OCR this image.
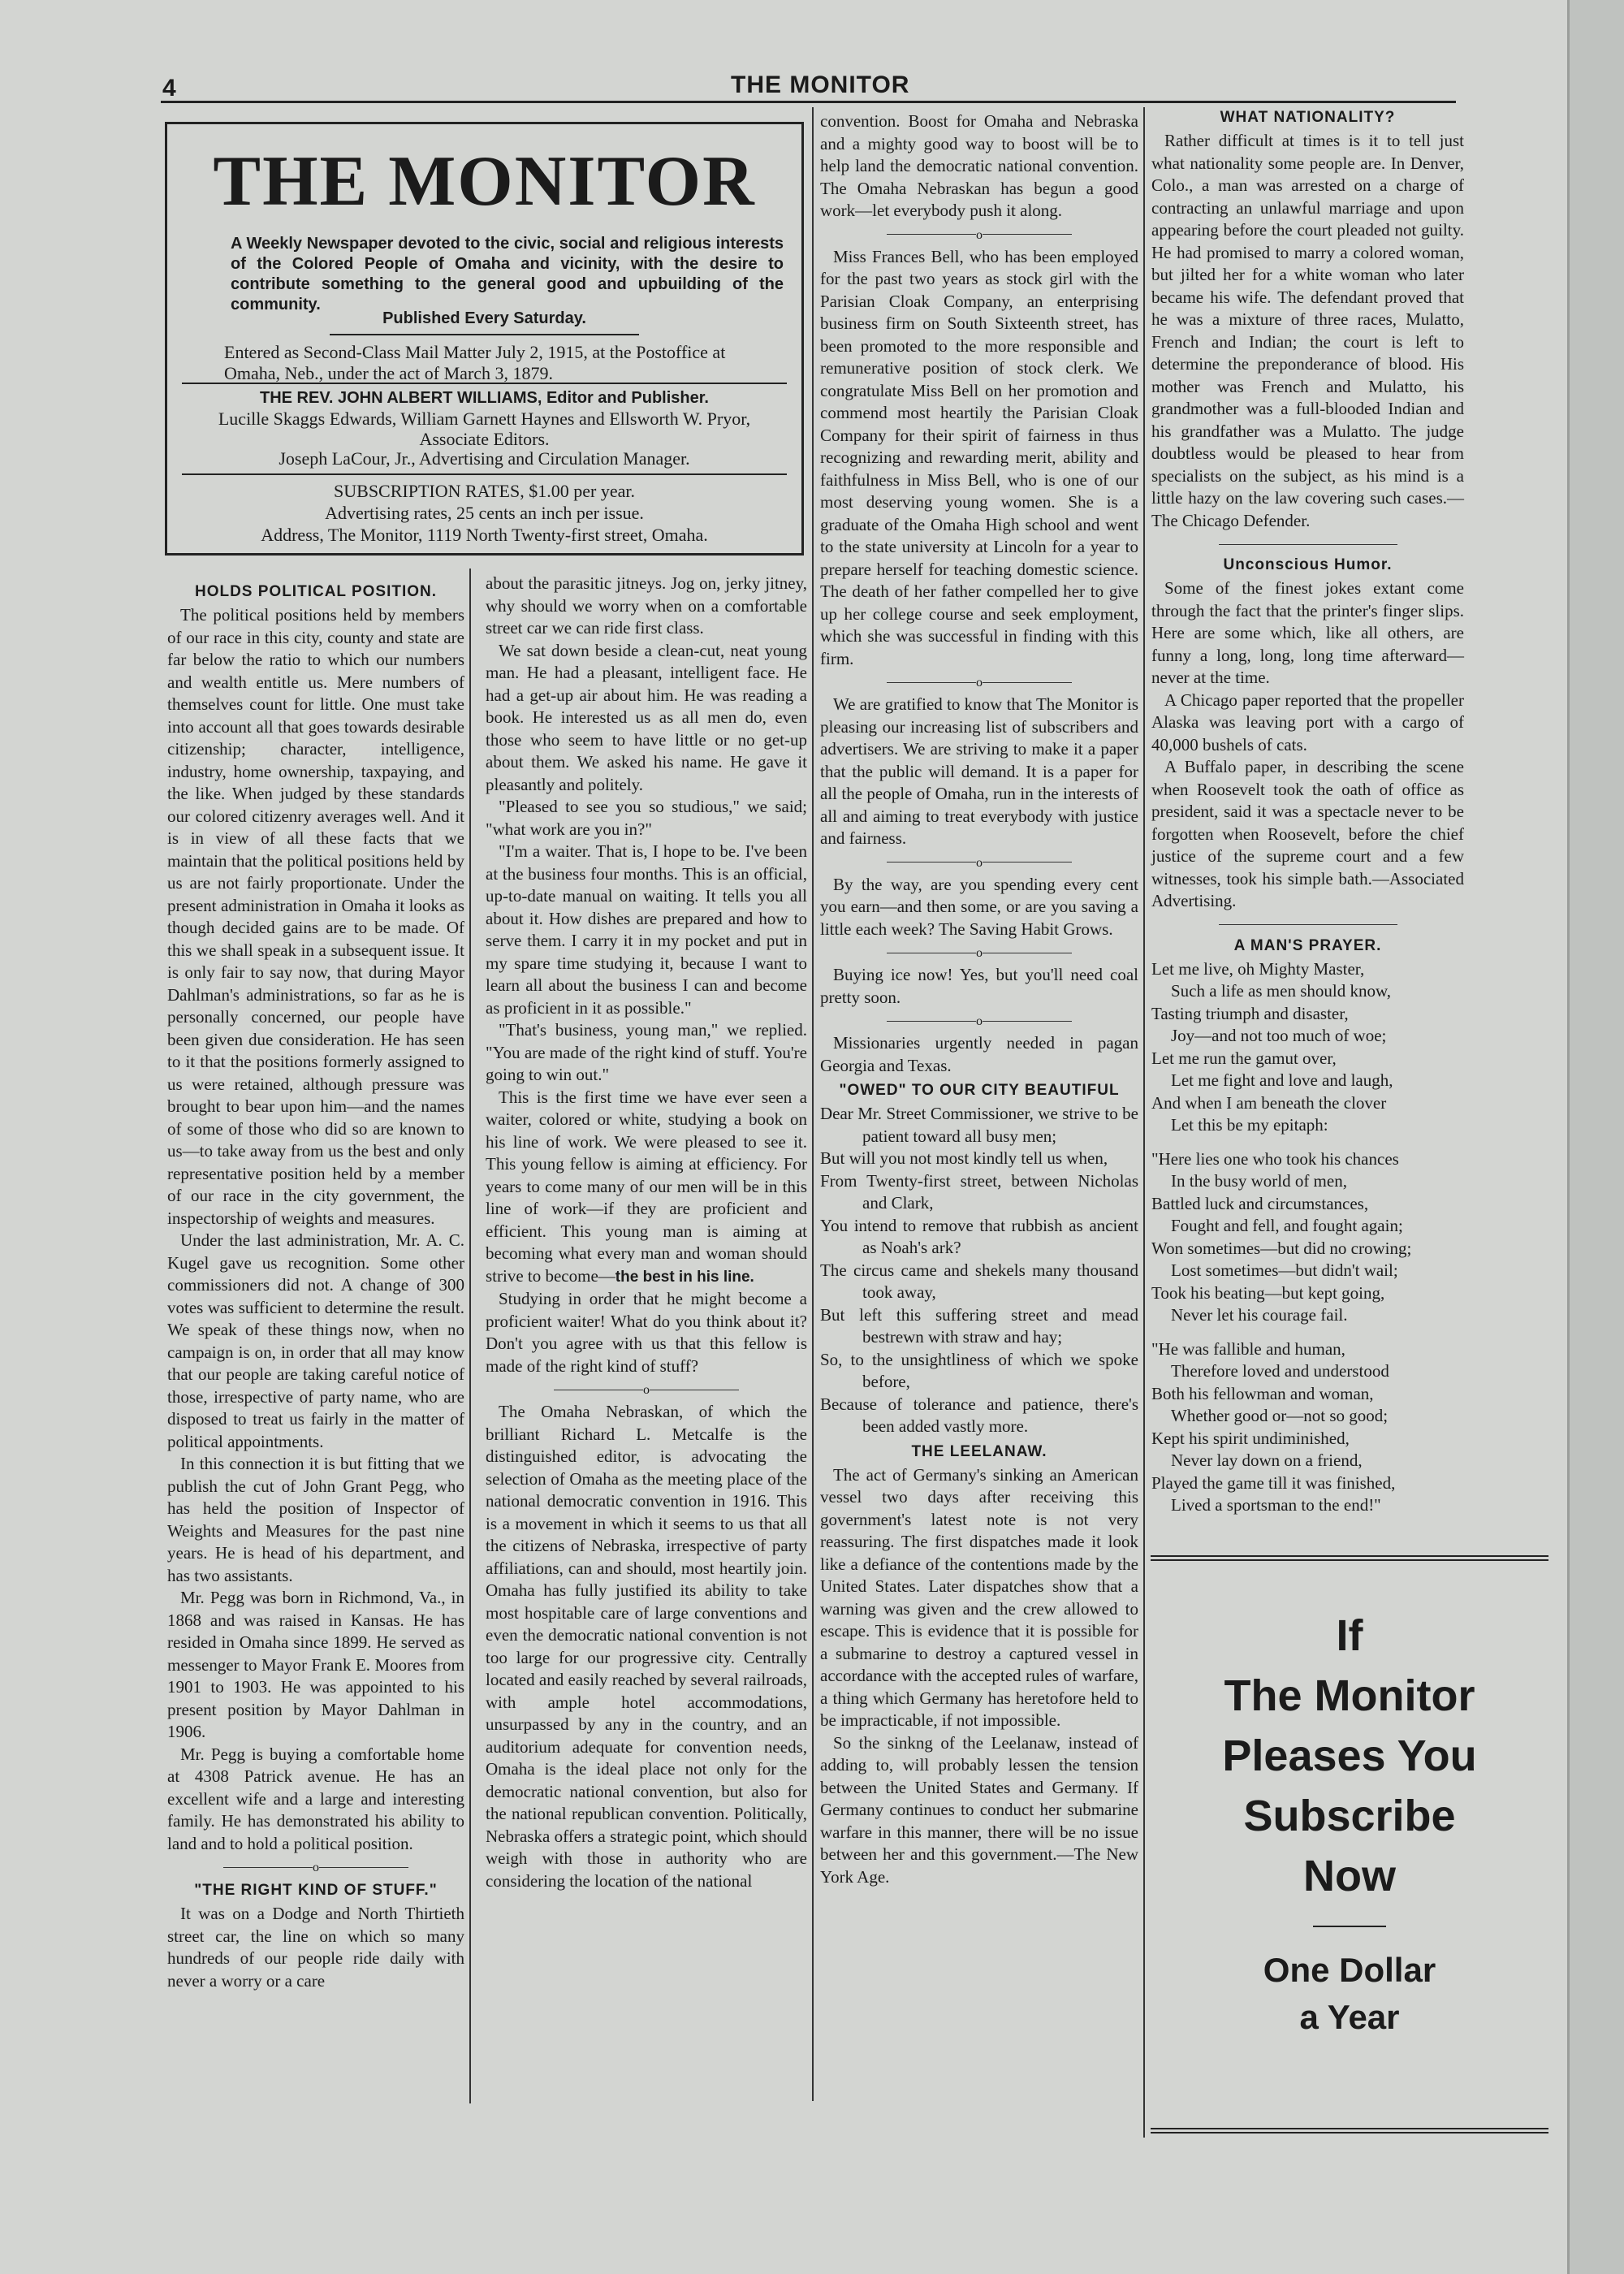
4	THE MONITOR
THE MONITOR
A Weekly Newspaper devoted to the civic, social and religious interests of the Colored People of Omaha and vicinity, with the desire to contribute something to the general good and upbuilding of the community.
Published Every Saturday.
Entered as Second-Class Mail Matter July 2, 1915, at the Postoffice at Omaha, Neb., under the act of March 3, 1879.
THE REV. JOHN ALBERT WILLIAMS, Editor and Publisher.
Lucille Skaggs Edwards, William Garnett Haynes and Ellsworth W. Pryor, Associate Editors.
Joseph LaCour, Jr., Advertising and Circulation Manager.
SUBSCRIPTION RATES, $1.00 per year.
Advertising rates, 25 cents an inch per issue.
Address, The Monitor, 1119 North Twenty-first street, Omaha.
HOLDS POLITICAL POSITION.

The political positions held by members of our race in this city, county and state are far below the ratio to which our numbers and wealth entitle us. Mere numbers of themselves count for little. One must take into account all that goes towards desirable citizenship; character, intelligence, industry, home ownership, taxpaying, and the like. When judged by these standards our colored citizenry averages well. And it is in view of all these facts that we maintain that the political positions held by us are not fairly proportionate. Under the present administration in Omaha it looks as though decided gains are to be made. Of this we shall speak in a subsequent issue. It is only fair to say now, that during Mayor Dahlman's administrations, so far as he is personally concerned, our people have been given due consideration. He has seen to it that the positions formerly assigned to us were retained, although pressure was brought to bear upon him—and the names of some of those who did so are known to us—to take away from us the best and only representative position held by a member of our race in the city government, the inspectorship of weights and measures.

Under the last administration, Mr. A. C. Kugel gave us recognition. Some other commissioners did not. A change of 300 votes was sufficient to determine the result. We speak of these things now, when no campaign is on, in order that all may know that our people are taking careful notice of those, irrespective of party name, who are disposed to treat us fairly in the matter of political appointments.

In this connection it is but fitting that we publish the cut of John Grant Pegg, who has held the position of Inspector of Weights and Measures for the past nine years. He is head of his department, and has two assistants.

Mr. Pegg was born in Richmond, Va., in 1868 and was raised in Kansas. He has resided in Omaha since 1899. He served as messenger to Mayor Frank E. Moores from 1901 to 1903. He was appointed to his present position by Mayor Dahlman in 1906.

Mr. Pegg is buying a comfortable home at 4308 Patrick avenue. He has an excellent wife and a large and interesting family. He has demonstrated his ability to land and to hold a political position.

o
"THE RIGHT KIND OF STUFF."

It was on a Dodge and North Thirtieth street car, the line on which so many hundreds of our people ride daily with never a worry or a care

about the parasitic jitneys. Jog on, jerky jitney, why should we worry when on a comfortable street car we can ride first class.

We sat down beside a clean-cut, neat young man. He had a pleasant, intelligent face. He had a get-up air about him. He was reading a book. He interested us as all men do, even those who seem to have little or no get-up about them. We asked his name. He gave it pleasantly and politely.

"Pleased to see you so studious," we said; "what work are you in?"

"I'm a waiter. That is, I hope to be. I've been at the business four months. This is an official, up-to-date manual on waiting. It tells you all about it. How dishes are prepared and how to serve them. I carry it in my pocket and put in my spare time studying it, because I want to learn all about the business I can and become as proficient in it as possible."

"That's business, young man," we replied. "You are made of the right kind of stuff. You're going to win out."

This is the first time we have ever seen a waiter, colored or white, studying a book on his line of work. We were pleased to see it. This young fellow is aiming at efficiency. For years to come many of our men will be in this line of work—if they are proficient and efficient. This young man is aiming at becoming what every man and woman should strive to become—the best in his line.

Studying in order that he might become a proficient waiter! What do you think about it? Don't you agree with us that this fellow is made of the right kind of stuff?

o

The Omaha Nebraskan, of which the brilliant Richard L. Metcalfe is the distinguished editor, is advocating the selection of Omaha as the meeting place of the national democratic convention in 1916. This is a movement in which it seems to us that all the citizens of Nebraska, irrespective of party affiliations, can and should, most heartily join. Omaha has fully justified its ability to take most hospitable care of large conventions and even the democratic national convention is not too large for our progressive city. Centrally located and easily reached by several railroads, with ample hotel accommodations, unsurpassed by any in the country, and an auditorium adequate for convention needs, Omaha is the ideal place not only for the democratic national convention, but also for the national republican convention. Politically, Nebraska offers a strategic point, which should weigh with those in authority who are considering the location of the national

convention. Boost for Omaha and Nebraska and a mighty good way to boost will be to help land the democratic national convention. The Omaha Nebraskan has begun a good work—let everybody push it along.

o

Miss Frances Bell, who has been employed for the past two years as stock girl with the Parisian Cloak Company, an enterprising business firm on South Sixteenth street, has been promoted to the more responsible and remunerative position of stock clerk. We congratulate Miss Bell on her promotion and commend most heartily the Parisian Cloak Company for their spirit of fairness in thus recognizing and rewarding merit, ability and faithfulness in Miss Bell, who is one of our most deserving young women. She is a graduate of the Omaha High school and went to the state university at Lincoln for a year to prepare herself for teaching domestic science. The death of her father compelled her to give up her college course and seek employment, which she was successful in finding with this firm.

o

We are gratified to know that The Monitor is pleasing our increasing list of subscribers and advertisers. We are striving to make it a paper that the public will demand. It is a paper for all the people of Omaha, run in the interests of all and aiming to treat everybody with justice and fairness.

o

By the way, are you spending every cent you earn—and then some, or are you saving a little each week? The Saving Habit Grows.

o

Buying ice now! Yes, but you'll need coal pretty soon.

o

Missionaries urgently needed in pagan Georgia and Texas.

"OWED" TO OUR CITY BEAUTIFUL

Dear Mr. Street Commissioner, we strive to be patient toward all busy men;

But will you not most kindly tell us when,

From Twenty-first street, between Nicholas and Clark,

You intend to remove that rubbish as ancient as Noah's ark?

The circus came and shekels many thousand took away,

But left this suffering street and mead bestrewn with straw and hay;

So, to the unsightliness of which we spoke before,

Because of tolerance and patience, there's been added vastly more.

THE LEELANAW.

The act of Germany's sinking an American vessel two days after receiving this government's latest note is not very reassuring. The first dispatches made it look like a defiance of the contentions made by the United States. Later dispatches show that a warning was given and the crew allowed to escape. This is evidence that it is possible for a submarine to destroy a captured vessel in accordance with the accepted rules of warfare, a thing which Germany has heretofore held to be impracticable, if not impossible.

So the sinkng of the Leelanaw, instead of adding to, will probably lessen the tension between the United States and Germany. If Germany continues to conduct her submarine warfare in this manner, there will be no issue between her and this government.—The New York Age.

WHAT NATIONALITY?

Rather difficult at times is it to tell just what nationality some people are. In Denver, Colo., a man was arrested on a charge of contracting an unlawful marriage and upon appearing before the court pleaded not guilty. He had promised to marry a colored woman, but jilted her for a white woman who later became his wife. The defendant proved that he was a mixture of three races, Mulatto, French and Indian; the court is left to determine the preponderance of blood. His mother was French and Mulatto, his grandmother was a full-blooded Indian and his grandfather was a Mulatto. The judge doubtless would be pleased to hear from specialists on the subject, as his mind is a little hazy on the law covering such cases.—The Chicago Defender.

Unconscious Humor.

Some of the finest jokes extant come through the fact that the printer's finger slips. Here are some which, like all others, are funny a long, long, long time afterward—never at the time.

A Chicago paper reported that the propeller Alaska was leaving port with a cargo of 40,000 bushels of cats.

A Buffalo paper, in describing the scene when Roosevelt took the oath of office as president, said it was a spectacle never to be forgotten when Roosevelt, before the chief justice of the supreme court and a few witnesses, took his simple bath.—Associated Advertising.

A MAN'S PRAYER.
Let me live, oh Mighty Master,
Such a life as men should know,
Tasting triumph and disaster,
Joy—and not too much of woe;
Let me run the gamut over,
Let me fight and love and laugh,
And when I am beneath the clover
Let this be my epitaph:
"Here lies one who took his chances
In the busy world of men,
Battled luck and circumstances,
Fought and fell, and fought again;
Won sometimes—but did no crowing;
Lost sometimes—but didn't wail;
Took his beating—but kept going,
Never let his courage fail.
"He was fallible and human,
Therefore loved and understood
Both his fellowman and woman,
Whether good or—not so good;
Kept his spirit undiminished,
Never lay down on a friend,
Played the game till it was finished,
Lived a sportsman to the end!"
If
The Monitor
Pleases You
Subscribe
Now
One Dollar
a Year
